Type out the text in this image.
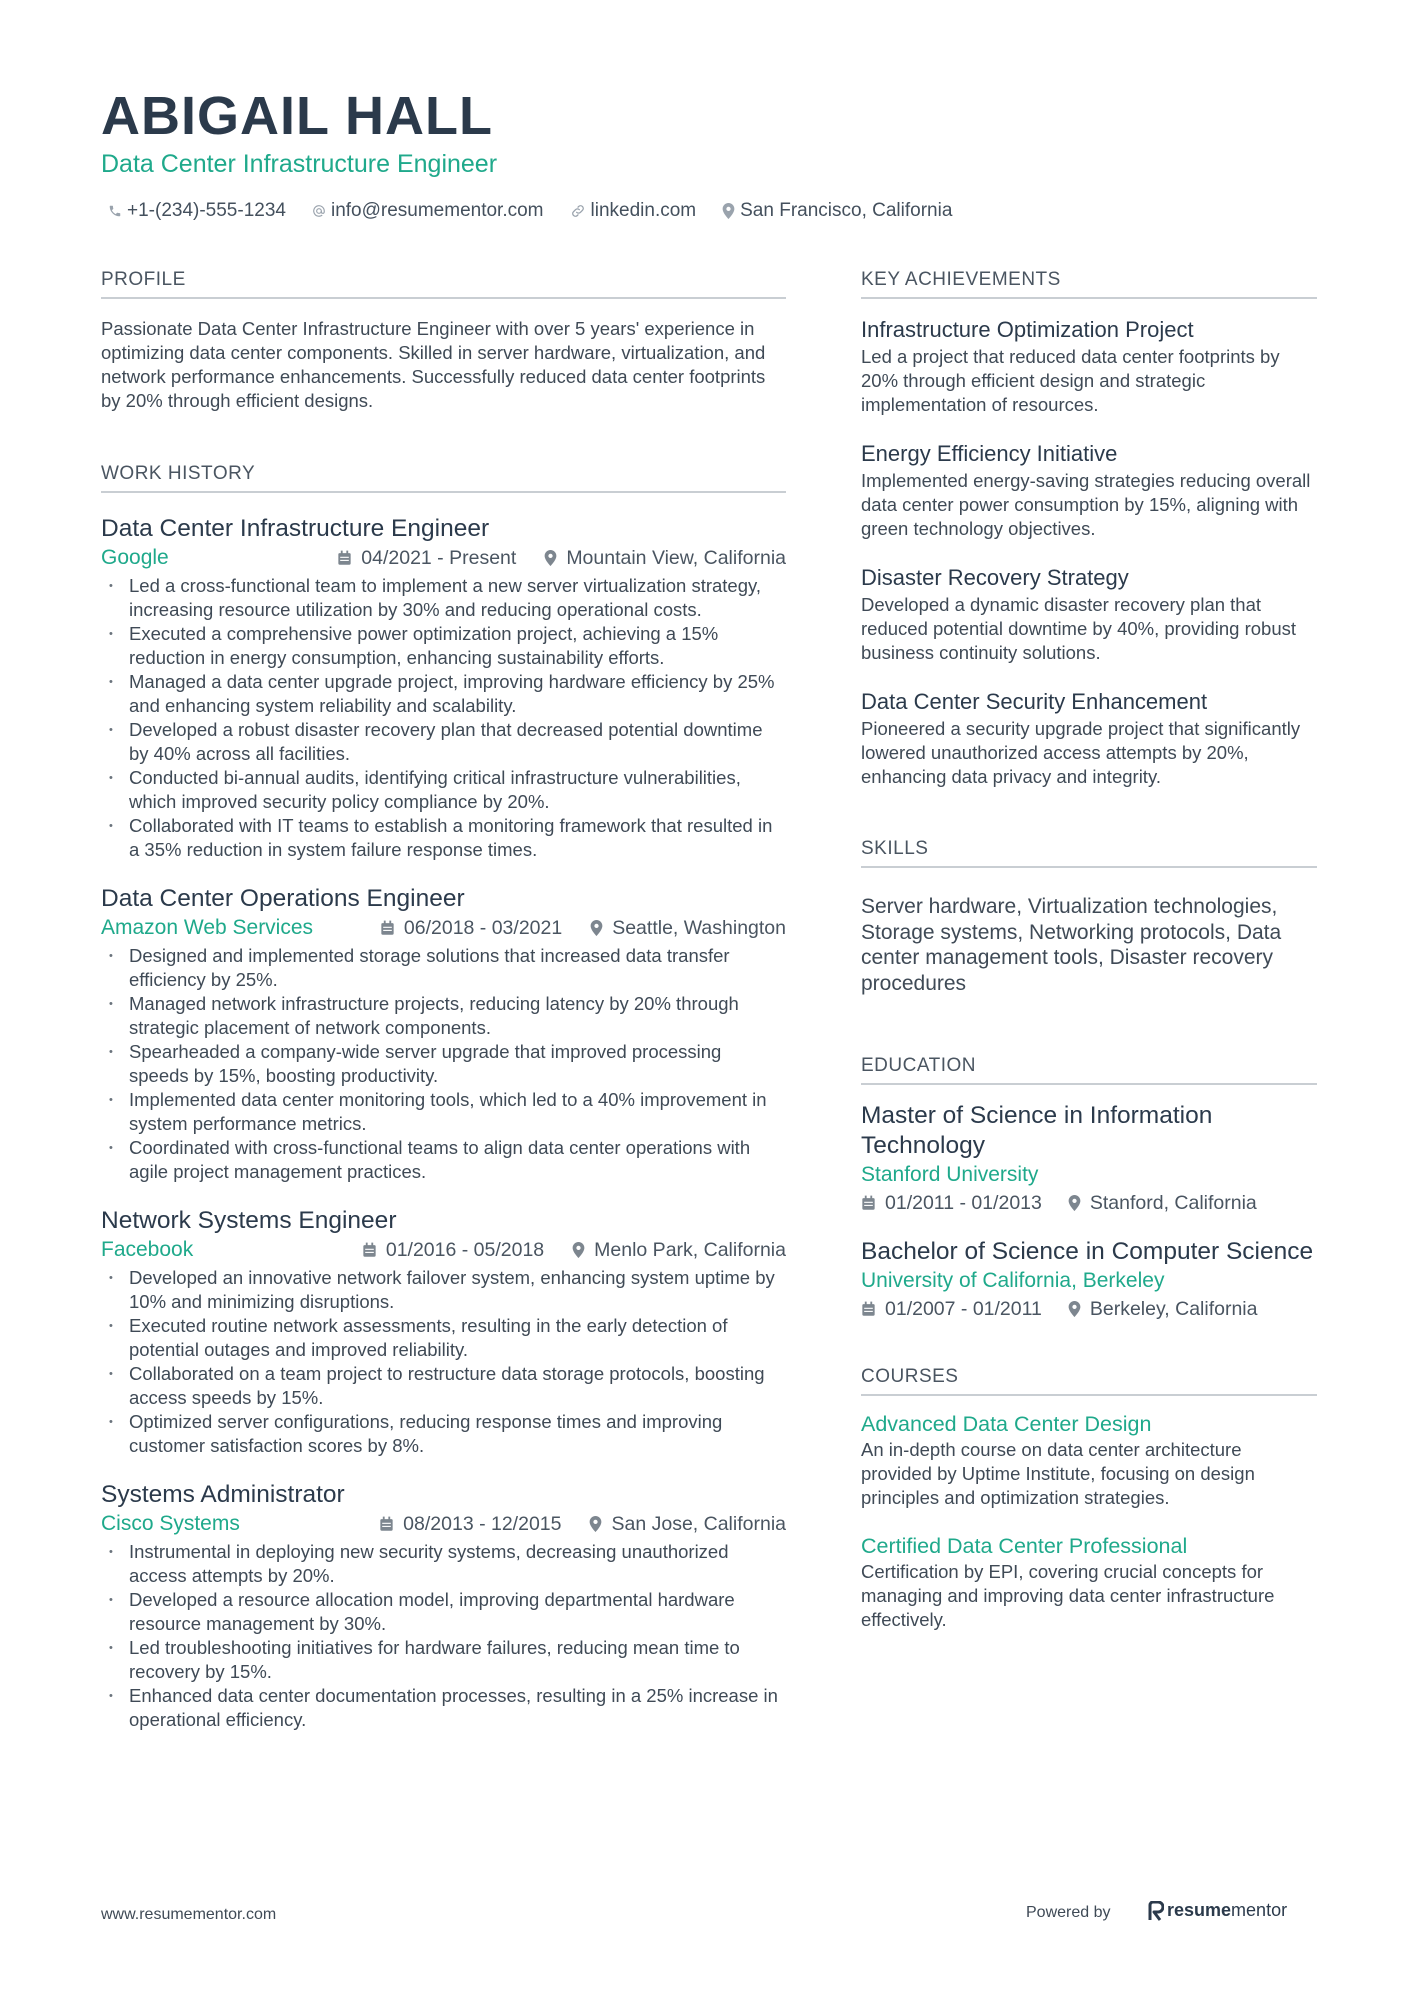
ABIGAIL HALL
Data Center Infrastructure Engineer
+1-(234)-555-1234 info@resumementor.com linkedin.com San Francisco, California
PROFILE

Passionate Data Center Infrastructure Engineer with over 5 years' experience in optimizing data center components. Skilled in server hardware, virtualization, and network performance enhancements. Successfully reduced data center footprints by 20% through efficient designs.

WORK HISTORY
Data Center Infrastructure Engineer
Google	04/2021 - Present	Mountain View, California
• Led a cross-functional team to implement a new server virtualization strategy, increasing resource utilization by 30% and reducing operational costs.
• Executed a comprehensive power optimization project, achieving a 15% reduction in energy consumption, enhancing sustainability efforts.
• Managed a data center upgrade project, improving hardware efficiency by 25% and enhancing system reliability and scalability.
• Developed a robust disaster recovery plan that decreased potential downtime by 40% across all facilities.
• Conducted bi-annual audits, identifying critical infrastructure vulnerabilities, which improved security policy compliance by 20%.
• Collaborated with IT teams to establish a monitoring framework that resulted in a 35% reduction in system failure response times.
Data Center Operations Engineer
Amazon Web Services	06/2018 - 03/2021	Seattle, Washington
• Designed and implemented storage solutions that increased data transfer efficiency by 25%.
• Managed network infrastructure projects, reducing latency by 20% through strategic placement of network components.
• Spearheaded a company-wide server upgrade that improved processing speeds by 15%, boosting productivity.
• Implemented data center monitoring tools, which led to a 40% improvement in system performance metrics.
• Coordinated with cross-functional teams to align data center operations with agile project management practices.
Network Systems Engineer
Facebook	01/2016 - 05/2018	Menlo Park, California
• Developed an innovative network failover system, enhancing system uptime by 10% and minimizing disruptions.
• Executed routine network assessments, resulting in the early detection of potential outages and improved reliability.
• Collaborated on a team project to restructure data storage protocols, boosting access speeds by 15%.
• Optimized server configurations, reducing response times and improving customer satisfaction scores by 8%.
Systems Administrator
Cisco Systems	08/2013 - 12/2015	San Jose, California
• Instrumental in deploying new security systems, decreasing unauthorized access attempts by 20%.
• Developed a resource allocation model, improving departmental hardware resource management by 30%.
• Led troubleshooting initiatives for hardware failures, reducing mean time to recovery by 15%.
• Enhanced data center documentation processes, resulting in a 25% increase in operational efficiency.
KEY ACHIEVEMENTS
Infrastructure Optimization Project

Led a project that reduced data center footprints by 20% through efficient design and strategic implementation of resources.

Energy Efficiency Initiative

Implemented energy-saving strategies reducing overall data center power consumption by 15%, aligning with green technology objectives.

Disaster Recovery Strategy

Developed a dynamic disaster recovery plan that reduced potential downtime by 40%, providing robust business continuity solutions.

Data Center Security Enhancement

Pioneered a security upgrade project that significantly lowered unauthorized access attempts by 20%, enhancing data privacy and integrity.

SKILLS

Server hardware, Virtualization technologies, Storage systems, Networking protocols, Data center management tools, Disaster recovery procedures

EDUCATION
Master of Science in Information Technology
Stanford University
01/2011 - 01/2013 Stanford, California
Bachelor of Science in Computer Science
University of California, Berkeley
01/2007 - 01/2011 Berkeley, California
COURSES
Advanced Data Center Design

An in-depth course on data center architecture provided by Uptime Institute, focusing on design principles and optimization strategies.

Certified Data Center Professional

Certification by EPI, covering crucial concepts for managing and improving data center infrastructure effectively.

www.resumementor.com	Powered by	resume mentor
